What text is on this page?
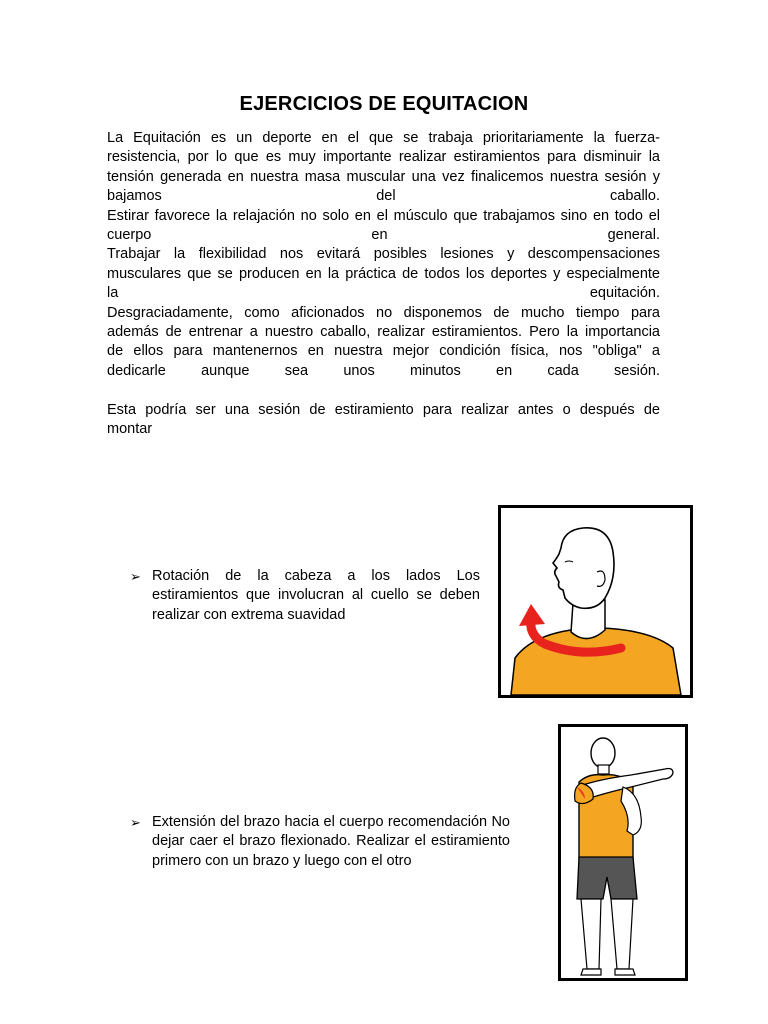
EJERCICIOS DE EQUITACION
La Equitación es un deporte en el que se trabaja prioritariamente la fuerza-
resistencia, por lo que es muy importante realizar estiramientos para disminuir la
tensión generada en nuestra masa muscular una vez finalicemos nuestra sesión y
bajamos del caballo.
Estirar favorece la relajación no solo en el músculo que trabajamos sino en todo el
cuerpo en general.
Trabajar la flexibilidad nos evitará posibles lesiones y descompensaciones
musculares que se producen en la práctica de todos los deportes y especialmente
la equitación.
Desgraciadamente, como aficionados no disponemos de mucho tiempo para
además de entrenar a nuestro caballo, realizar estiramientos. Pero la importancia
de ellos para mantenernos en nuestra mejor condición física, nos "obliga" a
dedicarle aunque sea unos minutos en cada sesión.
Esta podría ser una sesión de estiramiento para realizar antes o después de
montar
➢ Rotación de la cabeza a los lados Los
estiramientos que involucran al cuello se deben
realizar con extrema suavidad
➢ Extensión del brazo hacia el cuerpo recomendación No
dejar caer el brazo flexionado. Realizar el estiramiento
primero con un brazo y luego con el otro
